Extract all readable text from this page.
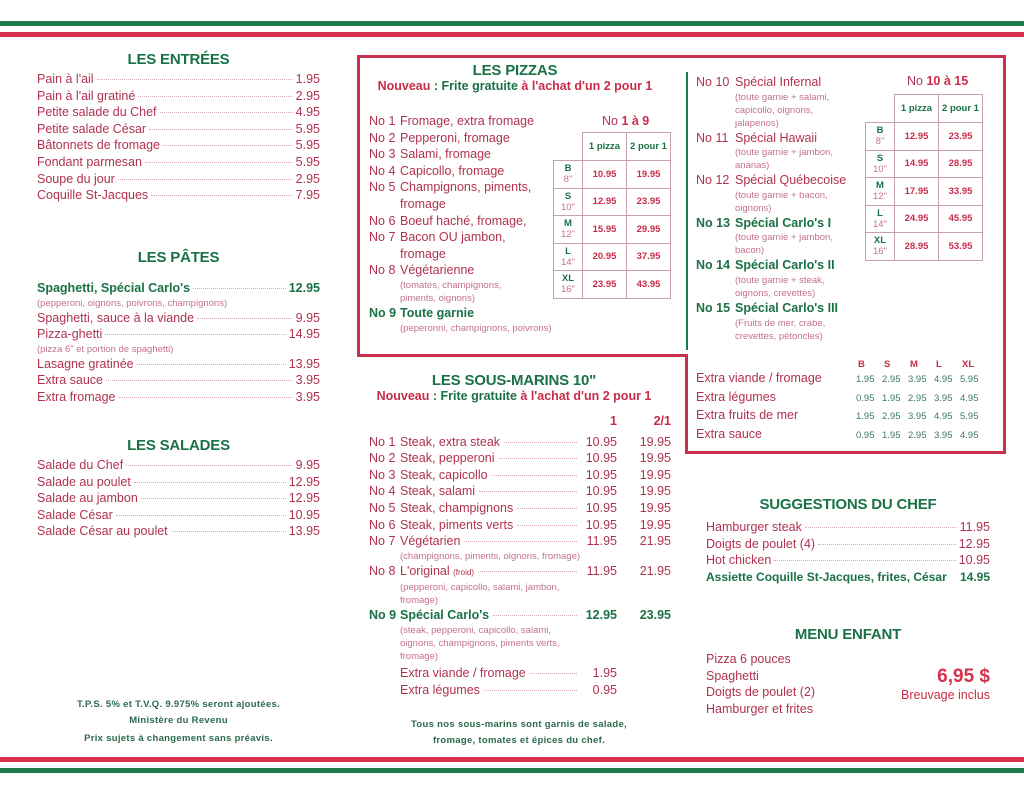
LES ENTRÉES
Pain à l'ail	1.95
Pain à l'ail gratiné	2.95
Petite salade du Chef	4.95
Petite salade César	5.95
Bâtonnets de fromage	5.95
Fondant parmesan	5.95
Soupe du jour	2.95
Coquille St-Jacques	7.95
LES PÂTES
Spaghetti, Spécial Carlo's	12.95
(pepperoni, oignons, poivrons, champignons)
Spaghetti, sauce à la viande	9.95
Pizza-ghetti	14.95
(pizza 6" et portion de spaghetti)
Lasagne gratinée	13.95
Extra sauce	3.95
Extra fromage	3.95
LES SALADES
Salade du Chef	9.95
Salade au poulet	12.95
Salade au jambon	12.95
Salade César	10.95
Salade César au poulet	13.95
T.P.S. 5% et T.V.Q. 9.975% seront ajoutées.
Ministère du Revenu
Prix sujets à changement sans préavis.
LES PIZZAS
Nouveau : Frite gratuite à l'achat d'un 2 pour 1
No 1 Fromage, extra fromage
No 2 Pepperoni, fromage
No 3 Salami, fromage
No 4 Capicollo, fromage
No 5 Champignons, piments,
fromage
No 6 Boeuf haché, fromage,
No 7 Bacon OU jambon,
fromage
No 8 Végétarienne
(tomates, champignons,
piments, oignons)
No 9 Toute garnie
(peperonni, champignons, poivrons)
No 1 à 9
	1 pizza	2 pour 1
B
8"	10.95	19.95
S
10"	12.95	23.95
M
12"	15.95	29.95
L
14"	20.95	37.95
XL
16"	23.95	43.95
No 10 Spécial Infernal
(toute garnie + salami,
capicollo, oignons,
jalapenos)
No 11 Spécial Hawaii
(toute garnie + jambon,
ananas)
No 12 Spécial Québecoise
(toute garnie + bacon,
oignons)
No 13 Spécial Carlo's I
(toute garnie + jambon,
bacon)
No 14 Spécial Carlo's II
(toute garnie + steak,
oignons, crevettes)
No 15 Spécial Carlo's III
(Fruits de mer, crabe,
crevettes, pétoncles)
No 10 à 15
	1 pizza	2 pour 1
B
8"	12.95	23.95
S
10"	14.95	28.95
M
12"	17.95	33.95
L
14"	24.95	45.95
XL
16"	28.95	53.95
B	S	M	L	XL
Extra viande / fromage	1.95 2.95 3.95 4.95 5.95
Extra légumes	0.95 1.95 2.95 3.95 4.95
Extra fruits de mer	1.95 2.95 3.95 4.95 5.95
Extra sauce	0.95 1.95 2.95 3.95 4.95
LES SOUS-MARINS 10"
Nouveau : Frite gratuite à l'achat d'un 2 pour 1
1	2/1
No 1 Steak, extra steak	10.95	19.95
No 2 Steak, pepperoni	10.95	19.95
No 3 Steak, capicollo	10.95	19.95
No 4 Steak, salami	10.95	19.95
No 5 Steak, champignons	10.95	19.95
No 6 Steak, piments verts	10.95	19.95
No 7 Végétarien	11.95	21.95
(champignons, piments, oignons, fromage)
No 8 L'original (froid)	11.95	21.95
(pepperoni, capicollo, salami, jambon,
fromage)
No 9 Spécial Carlo's	12.95	23.95
(steak, pepperoni, capicollo, salami,
oignons, champignons, piments verts,
fromage)
Extra viande / fromage	1.95
Extra légumes	0.95
Tous nos sous-marins sont garnis de salade,
fromage, tomates et épices du chef.
SUGGESTIONS DU CHEF
Hamburger steak	11.95
Doigts de poulet (4)	12.95
Hot chicken	10.95
Assiette Coquille St-Jacques, frites, César 14.95
MENU ENFANT
Pizza 6 pouces
Spaghetti
Doigts de poulet (2)
Hamburger et frites
6,95 $
Breuvage inclus
